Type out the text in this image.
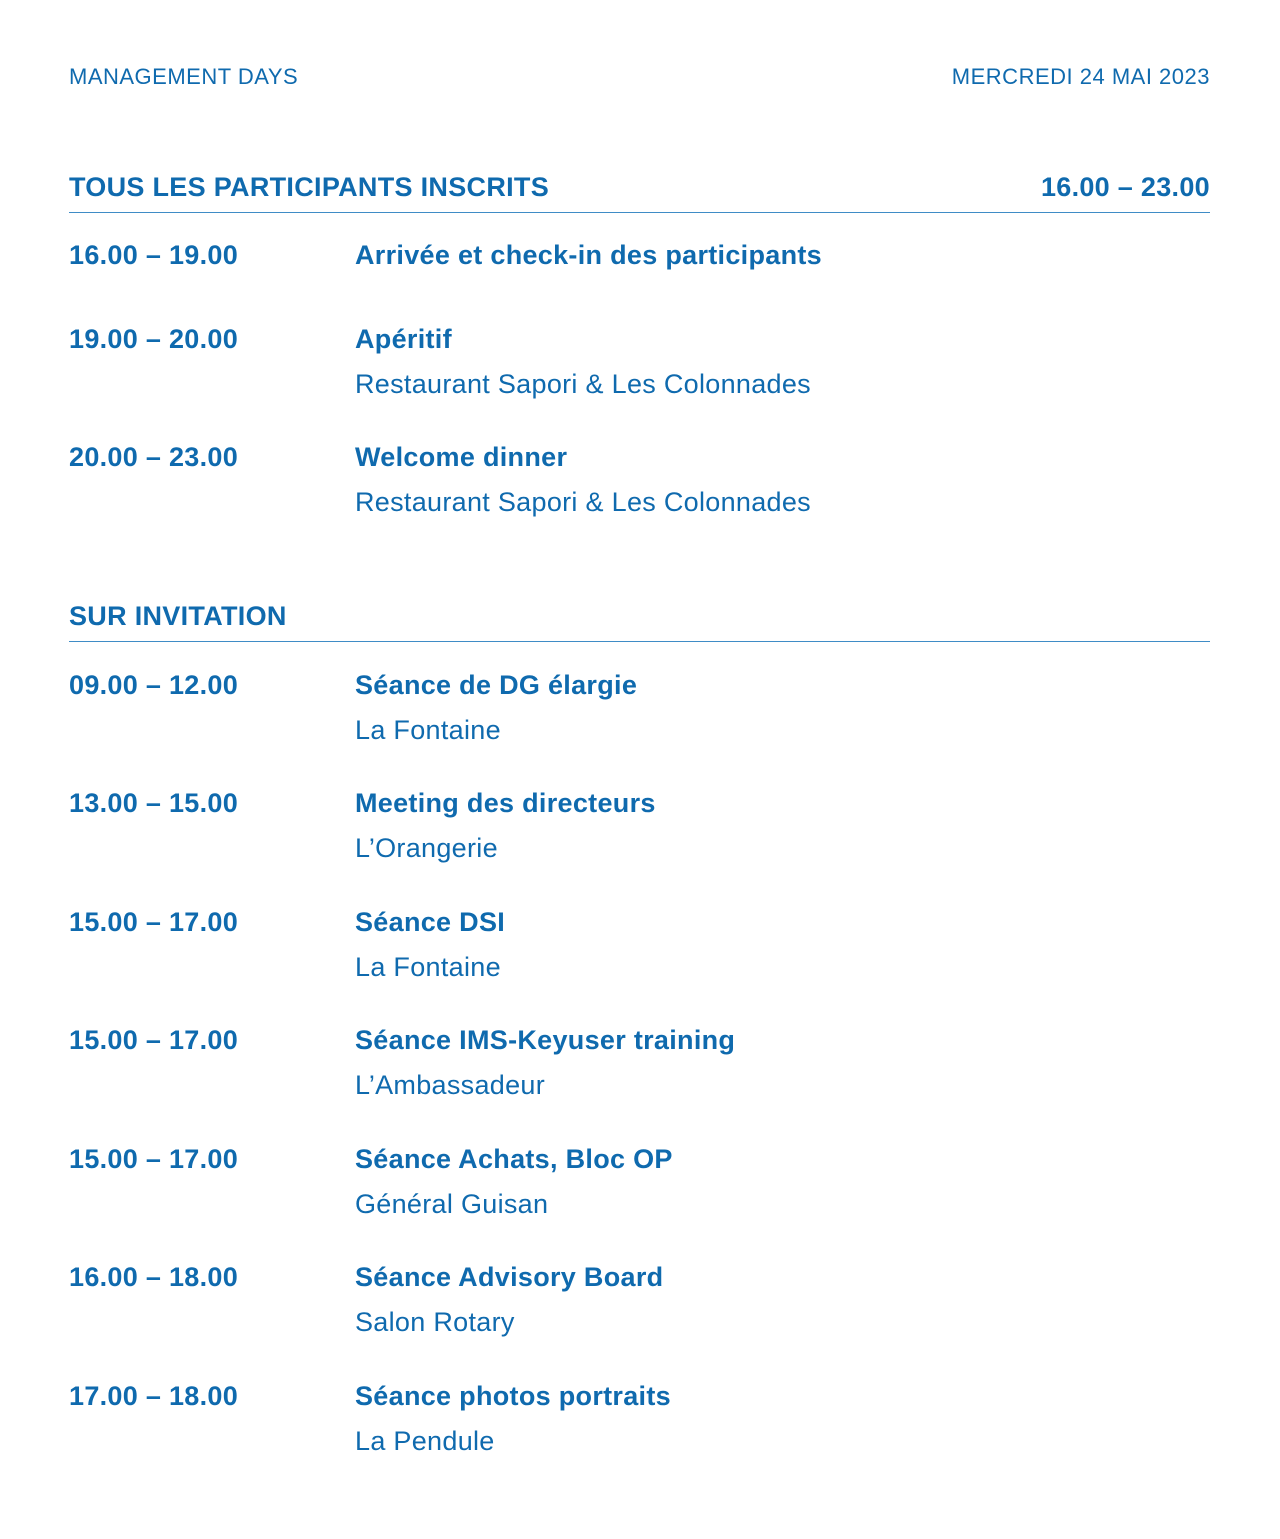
MANAGEMENT DAYS	MERCREDI 24 MAI 2023
TOUS LES PARTICIPANTS INSCRITS	16.00 – 23.00
16.00 – 19.00	Arrivée et check-in des participants
19.00 – 20.00	Apéritif
Restaurant Sapori & Les Colonnades
20.00 – 23.00	Welcome dinner
Restaurant Sapori & Les Colonnades
SUR INVITATION
09.00 – 12.00	Séance de DG élargie
La Fontaine
13.00 – 15.00	Meeting des directeurs
L’Orangerie
15.00 – 17.00	Séance DSI
La Fontaine
15.00 – 17.00	Séance IMS-Keyuser training
L’Ambassadeur
15.00 – 17.00	Séance Achats, Bloc OP
Général Guisan
16.00 – 18.00	Séance Advisory Board
Salon Rotary
17.00 – 18.00	Séance photos portraits
La Pendule
